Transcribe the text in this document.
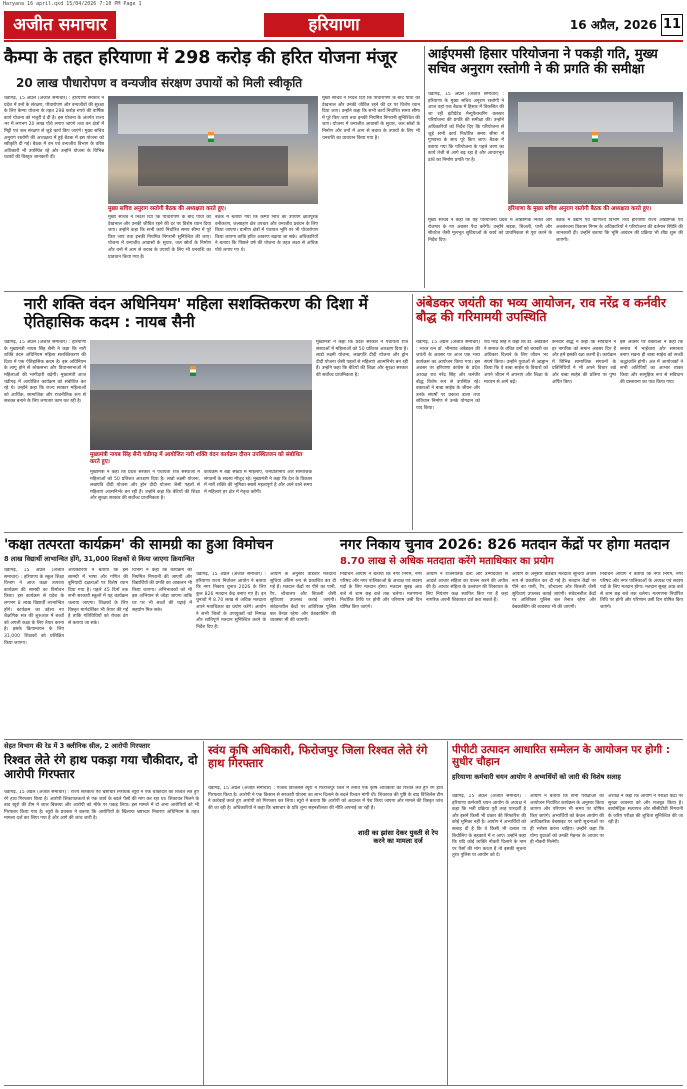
Haryana 16 april.qxd 15/04/2026 7:10 PM Page 1
अजीत समाचार	हरियाणा	16 अप्रैल, 2026 11
कैम्पा के तहत हरियाणा में 298 करोड़ की हरित योजना मंजूर
20 लाख पौधारोपण व वन्यजीव संरक्षण उपायों को मिली स्वीकृति
चंडीगढ़, 15 अप्रैल (अजीत समाचार) : हरियाणा सरकार ने प्रदेश में वनों के संरक्षण, पौधारोपण और वन्यजीवों की सुरक्षा के लिए कैम्पा योजना के तहत 298 करोड़ रुपये की वार्षिक कार्य योजना को मंजूरी दे दी है। इस योजना के अंतर्गत राज्य भर में लगभग 20 लाख पौधे लगाए जाएंगे तथा वन क्षेत्रों में मिट्टी एवं जल संरक्षण से जुड़े कार्य किए जाएंगे। मुख्य सचिव अनुराग रस्तोगी की अध्यक्षता में हुई बैठक में इस योजना को स्वीकृति दी गई। बैठक में वन एवं वन्यजीव विभाग के वरिष्ठ अधिकारी भी उपस्थित रहे और उन्होंने योजना के विभिन्न घटकों की विस्तृत जानकारी दी।
मुख्य सचिव अनुराग रस्तोगी बैठक की अध्यक्षता करते हुए।
मुख्य सचिव ने निर्देश दिए कि पौधारोपण के बाद पौधों की देखभाल और उनकी जीवित रहने की दर पर विशेष ध्यान दिया जाए। उन्होंने कहा कि सभी कार्य निर्धारित समय सीमा में पूरे किए जाएं तथा इनकी नियमित निगरानी सुनिश्चित की जाए। योजना में वन्यजीव आवासों के सुधार, जल स्रोतों के निर्माण और वनों में आग से बचाव के उपायों के लिए भी धनराशि का प्रावधान किया गया है।
बैठक में बताया गया कि कैम्पा निधि का उपयोग क्षतिपूरक वनीकरण, जलग्रहण क्षेत्र उपचार और वन्यजीव प्रबंधन के लिए किया जाएगा। ग्रामीण क्षेत्रों में पंचायत भूमि पर भी पौधारोपण किया जाएगा ताकि हरित आवरण बढ़ाया जा सके। अधिकारियों ने बताया कि पिछले वर्ष की योजना के तहत लक्ष्य से अधिक पौधे लगाए गए थे।
मुख्य सचिव ने निर्देश दिए कि पौधारोपण के बाद पौधों की देखभाल और उनकी जीवित रहने की दर पर विशेष ध्यान दिया जाए। उन्होंने कहा कि सभी कार्य निर्धारित समय सीमा में पूरे किए जाएं तथा इनकी नियमित निगरानी सुनिश्चित की जाए। योजना में वन्यजीव आवासों के सुधार, जल स्रोतों के निर्माण और वनों में आग से बचाव के उपायों के लिए भी धनराशि का प्रावधान किया गया है।
आईएमसी हिसार परियोजना ने पकड़ी गति, मुख्य सचिव अनुराग रस्तोगी ने की प्रगति की समीक्षा
चंडीगढ़, 15 अप्रैल (अजीत समाचार) : हरियाणा के मुख्य सचिव अनुराग रस्तोगी ने आज यहां एक बैठक में हिसार में विकसित की जा रही इंटीग्रेटेड मैन्युफैक्चरिंग क्लस्टर परियोजना की प्रगति की समीक्षा की। उन्होंने अधिकारियों को निर्देश दिए कि परियोजना से जुड़े सभी कार्य निर्धारित समय सीमा में गुणवत्ता के साथ पूरे किए जाएं। बैठक में बताया गया कि परियोजना के पहले चरण का कार्य तेजी से आगे बढ़ रहा है और आधारभूत ढांचे का निर्माण प्रगति पर है।
हरियाणा के मुख्य सचिव अनुराग रस्तोगी बैठक की अध्यक्षता करते हुए।
मुख्य सचिव ने कहा कि यह परियोजना प्रदेश में औद्योगिक निवेश और रोजगार के नए अवसर पैदा करेगी। उन्होंने सड़क, बिजली, पानी और सीवरेज जैसी मूलभूत सुविधाओं के कार्य को प्राथमिकता से पूरा करने के निर्देश दिए।
बैठक में उद्योग एवं वाणिज्य विभाग तथा हरियाणा राज्य औद्योगिक एवं अवसंरचना विकास निगम के अधिकारियों ने परियोजना की वर्तमान स्थिति की जानकारी दी। उन्होंने बताया कि भूमि आवंटन की प्रक्रिया भी शीघ्र शुरू की जाएगी।
नारी शक्ति वंदन अधिनियम' महिला सशक्तिकरण की दिशा में ऐतिहासिक कदम : नायब सैनी
चंडीगढ़, 15 अप्रैल (अजीत समाचार) : हरियाणा के मुख्यमंत्री नायब सिंह सैनी ने कहा कि नारी शक्ति वंदन अधिनियम महिला सशक्तिकरण की दिशा में एक ऐतिहासिक कदम है। इस अधिनियम के लागू होने से लोकसभा और विधानसभाओं में महिलाओं की भागीदारी बढ़ेगी। मुख्यमंत्री आज चंडीगढ़ में आयोजित कार्यक्रम को संबोधित कर रहे थे। उन्होंने कहा कि राज्य सरकार महिलाओं को आर्थिक, सामाजिक और राजनीतिक रूप से सशक्त बनाने के लिए लगातार काम कर रही है।
मुख्यमंत्री नायब सिंह सैनी चंडीगढ़ में आयोजित नारी शक्ति वंदन कार्यक्रम दौरान उपस्थितजन को संबोधित करते हुए।
मुख्यमंत्री ने कहा कि प्रदेश सरकार ने पंचायती राज संस्थाओं में महिलाओं को 50 प्रतिशत आरक्षण दिया है। लाडो लक्ष्मी योजना, लखपति दीदी योजना और ड्रोन दीदी योजना जैसी पहलों से महिलाएं आत्मनिर्भर बन रही हैं। उन्होंने कहा कि बेटियों की शिक्षा और सुरक्षा सरकार की सर्वोच्च प्राथमिकता है।
कार्यक्रम में बड़ी संख्या में महिलाएं, जनप्रतिनिधि और सामाजिक संगठनों के सदस्य मौजूद रहे। मुख्यमंत्री ने कहा कि देश के विकास में नारी शक्ति की भूमिका सबसे महत्वपूर्ण है और आने वाले समय में महिलाएं हर क्षेत्र में नेतृत्व करेंगी।
मुख्यमंत्री ने कहा कि प्रदेश सरकार ने पंचायती राज संस्थाओं में महिलाओं को 50 प्रतिशत आरक्षण दिया है। लाडो लक्ष्मी योजना, लखपति दीदी योजना और ड्रोन दीदी योजना जैसी पहलों से महिलाएं आत्मनिर्भर बन रही हैं। उन्होंने कहा कि बेटियों की शिक्षा और सुरक्षा सरकार की सर्वोच्च प्राथमिकता है।
अंबेडकर जयंती का भव्य आयोजन, राव नरेंद्र व कर्नवीर बौद्ध की गरिमामयी उपस्थिति
चंडीगढ़, 15 अप्रैल (अजीत समाचार) : भारत रत्न डॉ. भीमराव अंबेडकर की जयंती के अवसर पर आज एक भव्य कार्यक्रम का आयोजन किया गया। इस अवसर पर हरियाणा कांग्रेस के प्रदेश अध्यक्ष राव नरेंद्र सिंह और कर्नवीर बौद्ध विशेष रूप से उपस्थित रहे। वक्ताओं ने बाबा साहेब के जीवन और उनके संघर्षों पर प्रकाश डाला तथा संविधान निर्माण में उनके योगदान को याद किया।
राव नरेंद्र सिंह ने कहा कि डॉ. अंबेडकर ने समाज के वंचित वर्गों को बराबरी का अधिकार दिलाने के लिए जीवन भर संघर्ष किया। उन्होंने युवाओं से आह्वान किया कि वे बाबा साहेब के विचारों को अपने जीवन में अपनाएं और शिक्षा के माध्यम से आगे बढ़ें।
कर्नवीर बौद्ध ने कहा कि संविधान ने हर नागरिक को समान अवसर दिए हैं और हमें इसकी रक्षा करनी है। कार्यक्रम में विभिन्न सामाजिक संगठनों के प्रतिनिधियों ने भी अपने विचार रखे और बाबा साहेब की प्रतिमा पर पुष्प अर्पित किए।
इस अवसर पर वक्ताओं ने कहा कि समाज में भाईचारा और समानता बनाए रखना ही बाबा साहेब को सच्ची श्रद्धांजलि होगी। अंत में आयोजकों ने सभी अतिथियों का आभार व्यक्त किया और सामूहिक रूप से संविधान की प्रस्तावना का पाठ किया गया।
'कक्षा तत्परता कार्यक्रम' की सामग्री का हुआ विमोचन
8 लाख विद्यार्थी लाभान्वित होंगे, 31,000 शिक्षकों से किया जाएगा क्रियान्वित
चंडीगढ़, 15 अप्रैल (अजीत समाचार) : हरियाणा के स्कूल शिक्षा विभाग ने आज कक्षा तत्परता कार्यक्रम की सामग्री का विमोचन किया। इस कार्यक्रम से प्रदेश के लगभग 8 लाख विद्यार्थी लाभान्वित होंगे। कार्यक्रम का उद्देश्य नए शैक्षणिक सत्र की शुरुआत में बच्चों को अगली कक्षा के लिए तैयार करना है। इसके क्रियान्वयन के लिए 31,000 शिक्षकों को प्रशिक्षित किया जाएगा।
अधिकारियों ने बताया कि इस सामग्री में भाषा और गणित की बुनियादी दक्षताओं पर विशेष ध्यान दिया गया है। पहले 45 दिनों तक सभी सरकारी स्कूलों में यह कार्यक्रम चलाया जाएगा। शिक्षकों के लिए विस्तृत मार्गदर्शिका भी तैयार की गई है ताकि गतिविधियों को रोचक ढंग से कराया जा सके।
विभाग ने कहा कि कार्यक्रम की नियमित निगरानी की जाएगी और विद्यार्थियों की प्रगति का आकलन भी किया जाएगा। अभिभावकों को भी इस अभियान से जोड़ा जाएगा ताकि घर पर भी बच्चों की पढ़ाई में सहयोग मिल सके।
नगर निकाय चुनाव 2026: 826 मतदान केंद्रों पर होगा मतदान
8.70 लाख से अधिक मतदाता करेंगे मताधिकार का प्रयोग
चंडीगढ़, 15 अप्रैल (अजीत समाचार) : हरियाणा राज्य निर्वाचन आयोग ने बताया कि नगर निकाय चुनाव 2026 के लिए कुल 826 मतदान केंद्र बनाए गए हैं। इन चुनावों में 8.70 लाख से अधिक मतदाता अपने मताधिकार का प्रयोग करेंगे। आयोग ने सभी जिलों के उपायुक्तों को निष्पक्ष और शांतिपूर्ण मतदान सुनिश्चित करने के निर्देश दिए हैं।
आयोग के अनुसार वार्डवार मतदाता सूचियां अंतिम रूप से प्रकाशित कर दी गई हैं। मतदान केंद्रों पर पीने का पानी, रैंप, शौचालय और बिजली जैसी सुविधाएं उपलब्ध कराई जाएंगी। संवेदनशील केंद्रों पर अतिरिक्त पुलिस बल तैनात रहेगा और वेबकास्टिंग की व्यवस्था भी की जाएगी।
निर्वाचन आयोग ने बताया कि नगर निगम, नगर परिषद और नगर पालिकाओं के अध्यक्ष एवं सदस्य पदों के लिए मतदान होगा। मतदान सुबह आठ बजे से शाम छह बजे तक चलेगा। मतगणना निर्धारित तिथि पर होगी और परिणाम उसी दिन घोषित किए जाएंगे।
आयोग ने राजनीतिक दलों और उम्मीदवारों से आदर्श आचार संहिता का पालन करने की अपील की है। आचार संहिता के उल्लंघन की शिकायत के लिए नियंत्रण कक्ष स्थापित किए गए हैं जहां नागरिक अपनी शिकायत दर्ज करा सकते हैं।
आयोग के अनुसार वार्डवार मतदाता सूचियां अंतिम रूप से प्रकाशित कर दी गई हैं। मतदान केंद्रों पर पीने का पानी, रैंप, शौचालय और बिजली जैसी सुविधाएं उपलब्ध कराई जाएंगी। संवेदनशील केंद्रों पर अतिरिक्त पुलिस बल तैनात रहेगा और वेबकास्टिंग की व्यवस्था भी की जाएगी।
निर्वाचन आयोग ने बताया कि नगर निगम, नगर परिषद और नगर पालिकाओं के अध्यक्ष एवं सदस्य पदों के लिए मतदान होगा। मतदान सुबह आठ बजे से शाम छह बजे तक चलेगा। मतगणना निर्धारित तिथि पर होगी और परिणाम उसी दिन घोषित किए जाएंगे।
सेहत विभाग की रेड में 3 क्लीनिक सील, 2 आरोपी गिरफ्तार
रिश्वत लेते रंगे हाथ पकड़ा गया चौकीदार, दो आरोपी गिरफ्तार
चंडीगढ़, 15 अप्रैल (अजीत समाचार) : राज्य सतर्कता एवं भ्रष्टाचार निरोधक ब्यूरो ने एक चौकीदार को रिश्वत लेते हुए रंगे हाथ गिरफ्तार किया है। आरोपी शिकायतकर्ता से एक कार्य के बदले पैसों की मांग कर रहा था। शिकायत मिलने के बाद ब्यूरो की टीम ने जाल बिछाया और आरोपी को मौके पर पकड़ लिया। इस मामले में दो अन्य आरोपियों को भी गिरफ्तार किया गया है। ब्यूरो के प्रवक्ता ने बताया कि आरोपियों के खिलाफ भ्रष्टाचार निवारण अधिनियम के तहत मामला दर्ज कर लिया गया है और आगे की जांच जारी है।
स्वंय कृषि अधिकारी, फिरोजपुर जिला रिश्वत लेते रंगे हाथ गिरफ्तार
चंडीगढ़, 15 अप्रैल (अजीत समाचार) : पंजाब विजिलेंस ब्यूरो ने फिरोजपुर जिले में तैनात एक कृषि अधिकारी को रिश्वत लेते हुए रंगे हाथ गिरफ्तार किया है। आरोपी ने एक किसान से सरकारी योजना का लाभ दिलाने के बदले रिश्वत मांगी थी। शिकायत की पुष्टि के बाद विजिलेंस टीम ने कार्रवाई करते हुए आरोपी को गिरफ्तार कर लिया। ब्यूरो ने बताया कि आरोपी को अदालत में पेश किया जाएगा और मामले की विस्तृत जांच की जा रही है। अधिकारियों ने कहा कि भ्रष्टाचार के प्रति शून्य सहनशीलता की नीति अपनाई जा रही है।
शादी का झांसा देकर युवती से रेप करने का मामला दर्ज
पीपीटी उत्पादन आधारित सम्मेलन के आयोजन पर होगी : सुधीर चौहान
हरियाणा कर्मचारी चयन आयोग ने अभ्यर्थियों को जारी की विशेष सलाह
चंडीगढ़, 15 अप्रैल (अजीत समाचार) : हरियाणा कर्मचारी चयन आयोग के अध्यक्ष ने कहा कि भर्ती प्रक्रिया पूरी तरह पारदर्शी है और इसमें किसी भी प्रकार की सिफारिश की कोई भूमिका नहीं है। आयोग ने अभ्यर्थियों को सलाह दी है कि वे किसी भी दलाल या बिचौलिए के बहकावे में न आएं। उन्होंने कहा कि यदि कोई व्यक्ति नौकरी दिलाने के नाम पर पैसों की मांग करता है तो इसकी सूचना तुरंत पुलिस या आयोग को दें।
आयोग ने बताया कि सभी परीक्षाओं का आयोजन निर्धारित कार्यक्रम के अनुसार किया जाएगा और परिणाम भी समय पर घोषित किए जाएंगे। अभ्यर्थियों को केवल आयोग की आधिकारिक वेबसाइट पर जारी सूचनाओं पर ही भरोसा करना चाहिए। उन्होंने कहा कि योग्य युवाओं को उनकी मेहनत के आधार पर ही नौकरी मिलेगी।
अध्यक्ष ने कहा कि आयोग ने परीक्षा केंद्रों पर सुरक्षा व्यवस्था को और मजबूत किया है। बायोमेट्रिक सत्यापन और सीसीटीवी निगरानी के जरिए परीक्षा की शुचिता सुनिश्चित की जा रही है।
